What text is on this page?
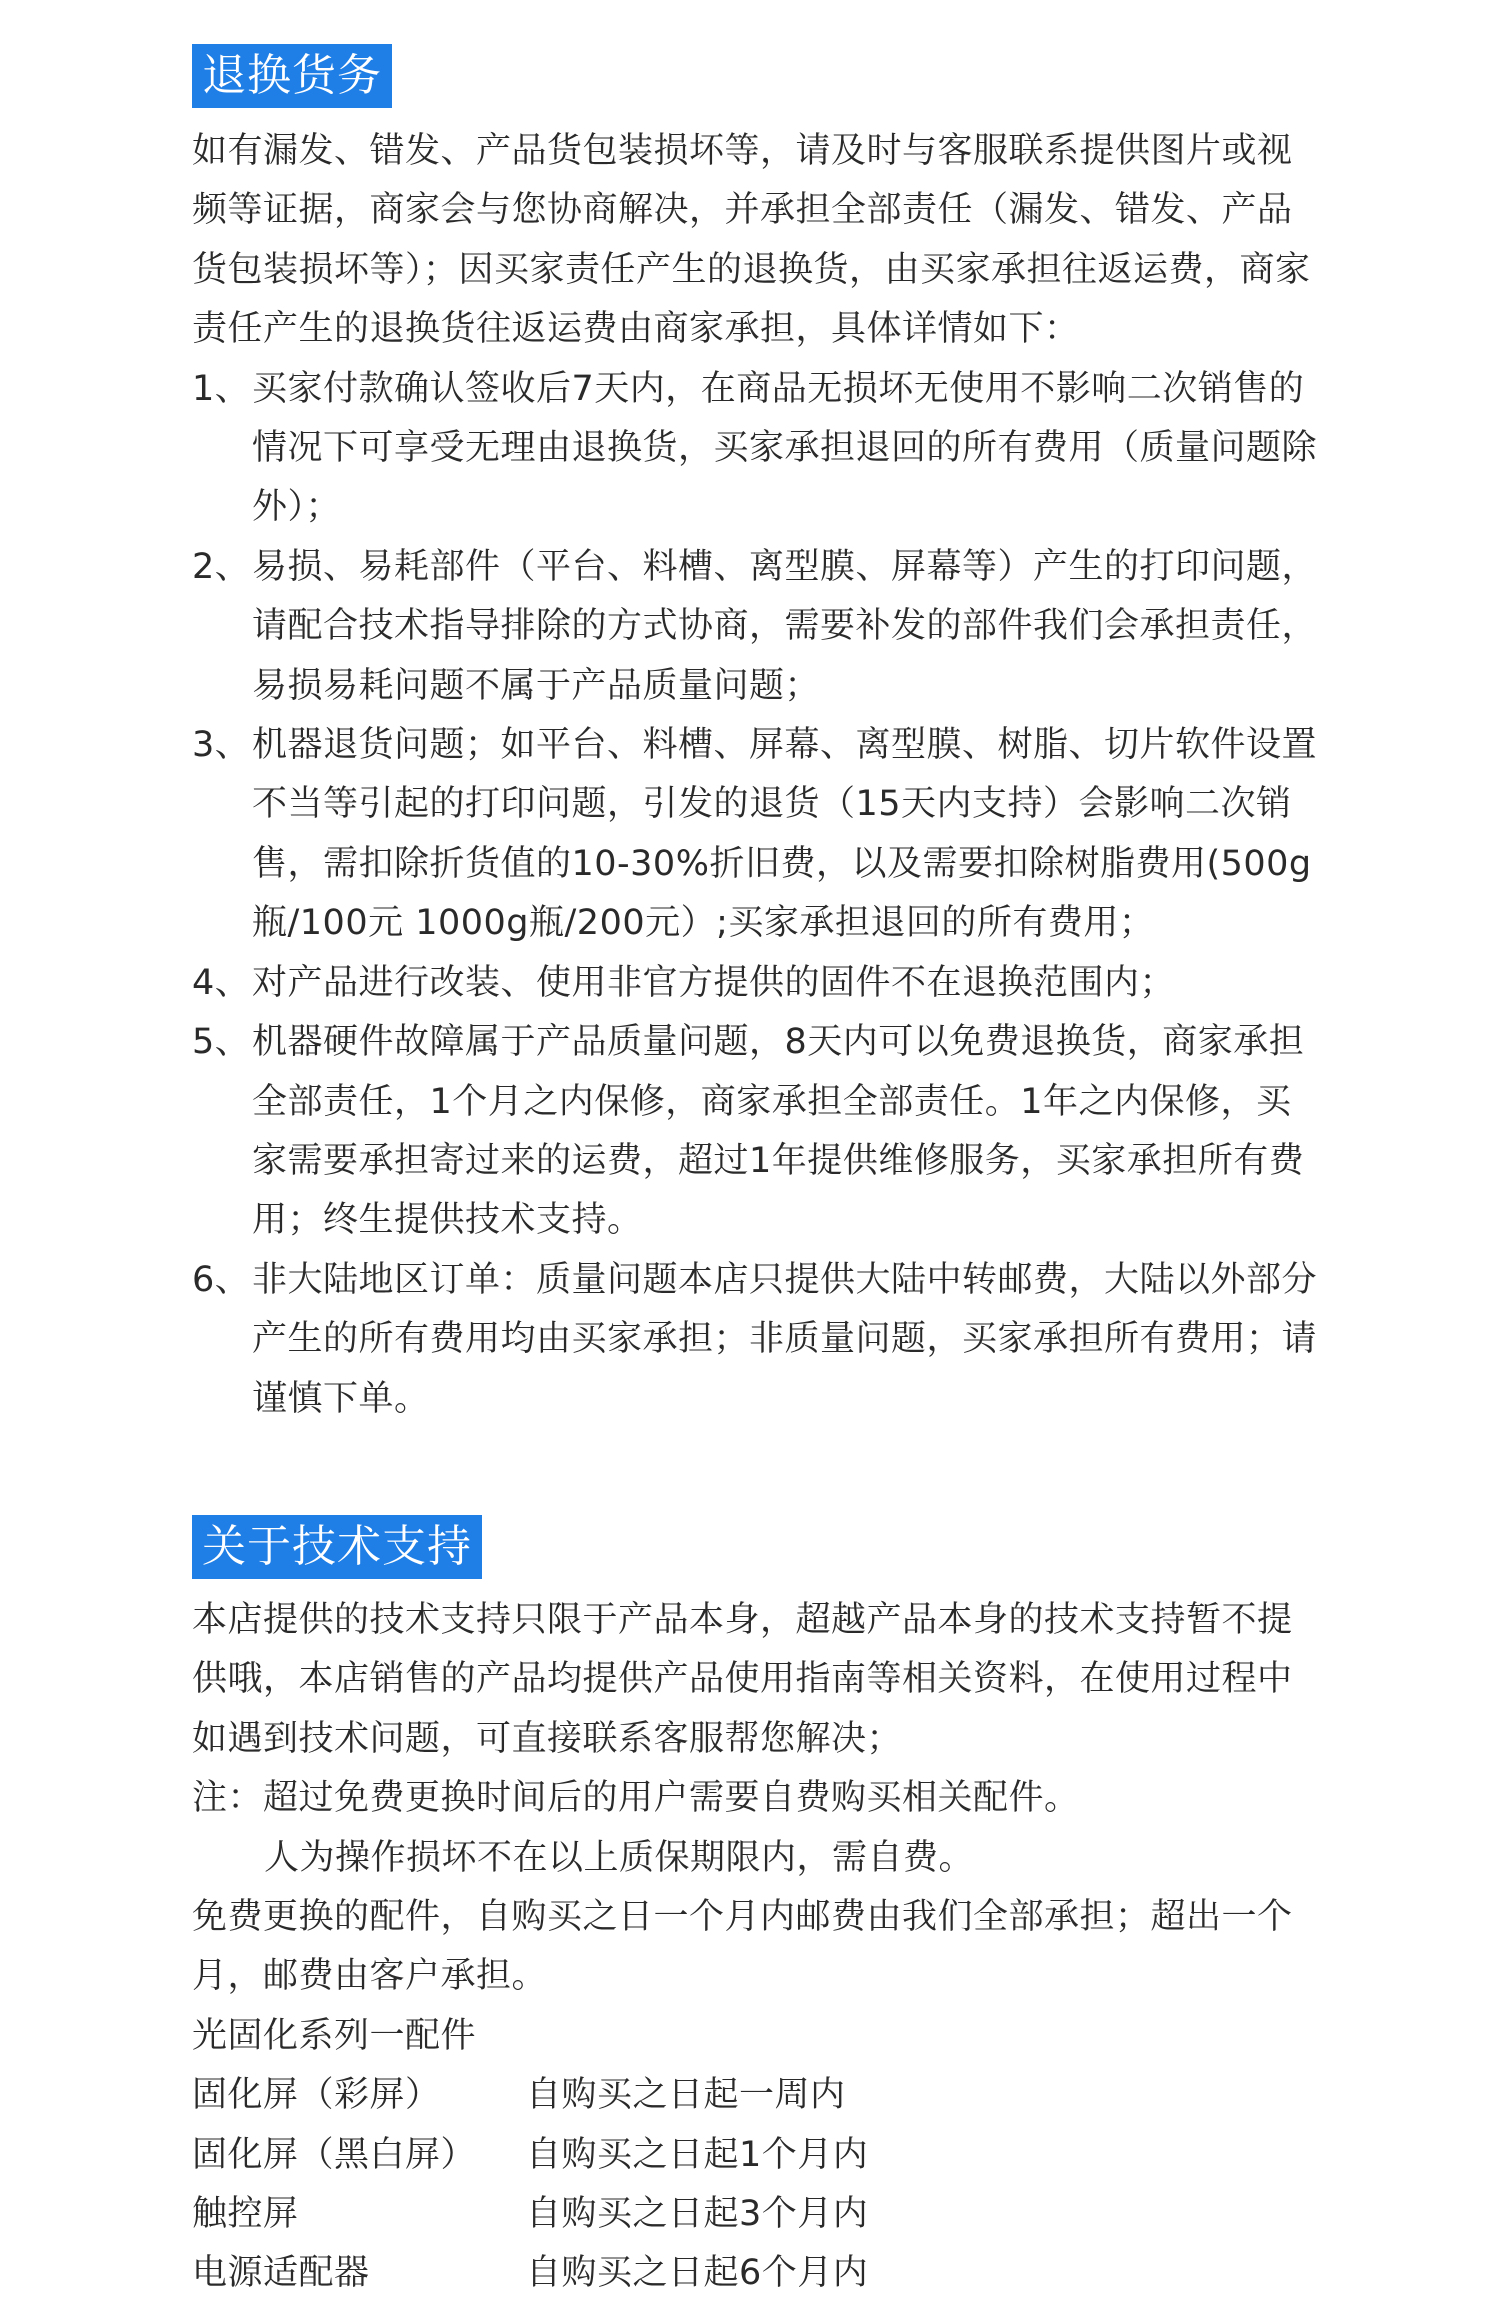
退换货务

如有漏发、错发、产品货包装损坏等，请及时与客服联系提供图片或视频等证据，商家会与您协商解决，并承担全部责任（漏发、错发、产品货包装损坏等）；因买家责任产生的退换货，由买家承担往返运费，商家责任产生的退换货往返运费由商家承担，具体详情如下：

1、 买家付款确认签收后7天内，在商品无损坏无使用不影响二次销售的情况下可享受无理由退换货，买家承担退回的所有费用（质量问题除外）；
2、 易损、易耗部件（平台、料槽、离型膜、屏幕等）产生的打印问题，请配合技术指导排除的方式协商，需要补发的部件我们会承担责任，易损易耗问题不属于产品质量问题；
3、 机器退货问题；如平台、料槽、屏幕、离型膜、树脂、切片软件设置不当等引起的打印问题，引发的退货（15天内支持）会影响二次销售，需扣除折货值的10-30%折旧费，以及需要扣除树脂费用(500g瓶/100元 1000g瓶/200元）;买家承担退回的所有费用；
4、 对产品进行改装、使用非官方提供的固件不在退换范围内；
5、 机器硬件故障属于产品质量问题，8天内可以免费退换货，商家承担全部责任，1个月之内保修，商家承担全部责任。1年之内保修，买家需要承担寄过来的运费，超过1年提供维修服务，买家承担所有费用；终生提供技术支持。
6、 非大陆地区订单：质量问题本店只提供大陆中转邮费，大陆以外部分产生的所有费用均由买家承担；非质量问题，买家承担所有费用；请谨慎下单。
关于技术支持

本店提供的技术支持只限于产品本身，超越产品本身的技术支持暂不提供哦，本店销售的产品均提供产品使用指南等相关资料，在使用过程中如遇到技术问题，可直接联系客服帮您解决；

注：超过免费更换时间后的用户需要自费购买相关配件。

人为操作损坏不在以上质保期限内，需自费。

免费更换的配件，自购买之日一个月内邮费由我们全部承担；超出一个月，邮费由客户承担。

光固化系列一配件

固化屏（彩屏）	自购买之日起一周内
固化屏（黑白屏）	自购买之日起1个月内
触控屏	自购买之日起3个月内
电源适配器	自购买之日起6个月内
